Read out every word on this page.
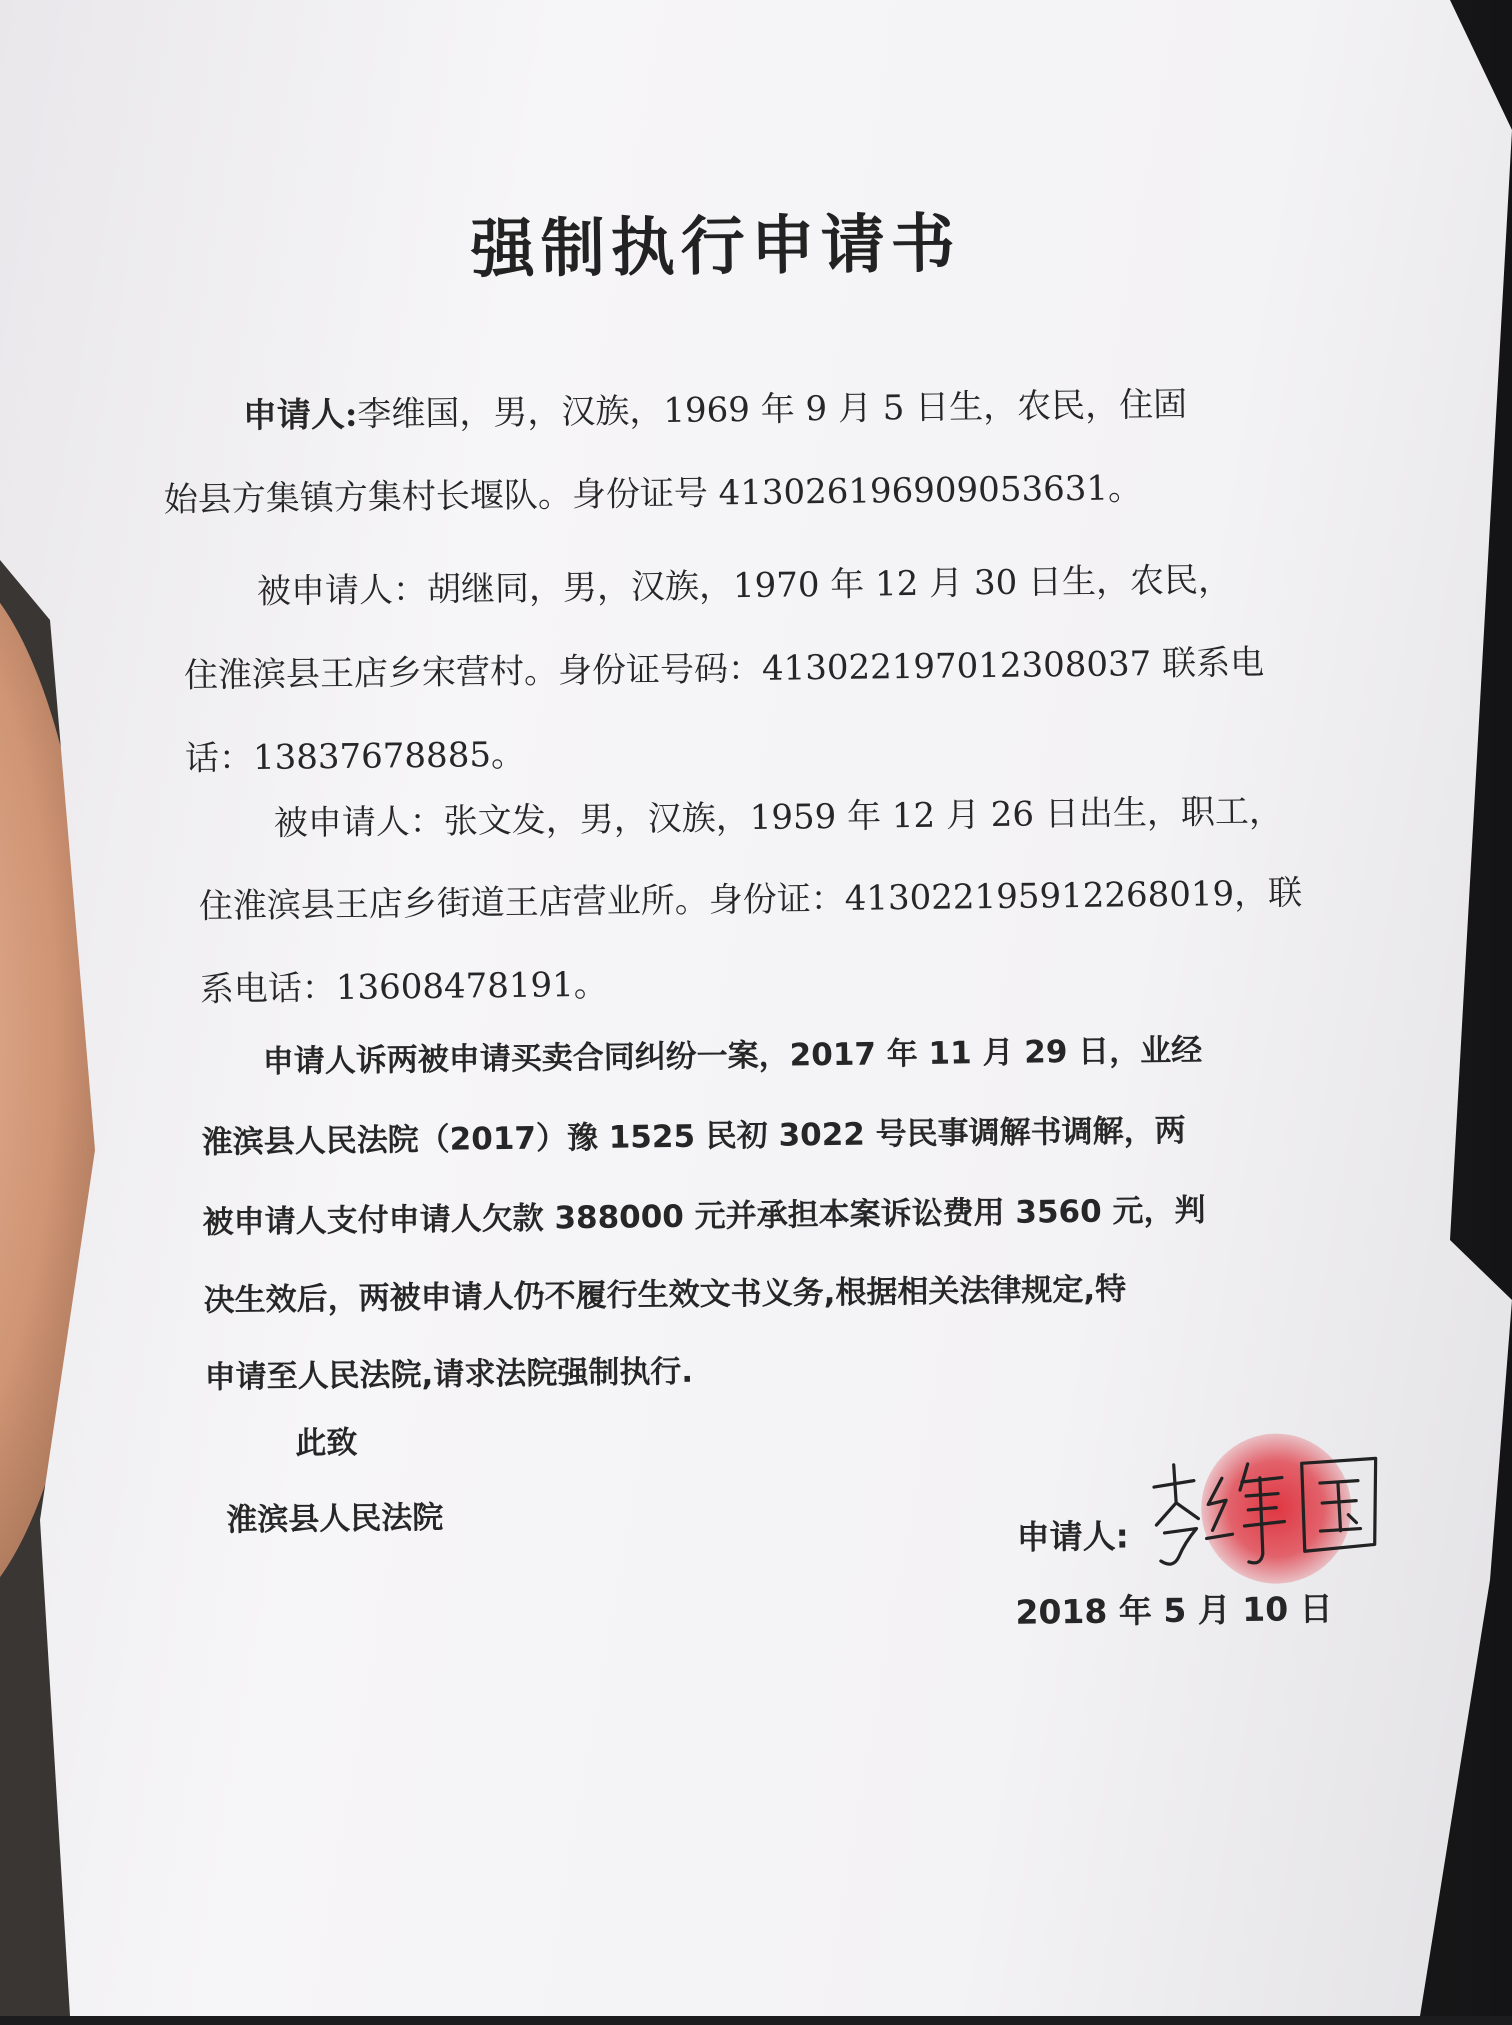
强制执行申请书
申请人:李维国，男，汉族，1969 年 9 月 5 日生，农民，住固
始县方集镇方集村长堰队。身份证号 413026196909053631。
被申请人：胡继同，男，汉族，1970 年 12 月 30 日生，农民，
住淮滨县王店乡宋营村。身份证号码：413022197012308037 联系电
话：13837678885。
被申请人：张文发，男，汉族，1959 年 12 月 26 日出生，职工，
住淮滨县王店乡街道王店营业所。身份证：413022195912268019，联
系电话：13608478191。
申请人诉两被申请买卖合同纠纷一案，2017 年 11 月 29 日，业经
淮滨县人民法院（2017）豫 1525 民初 3022 号民事调解书调解，两
被申请人支付申请人欠款 388000 元并承担本案诉讼费用 3560 元，判
决生效后，两被申请人仍不履行生效文书义务,根据相关法律规定,特
申请至人民法院,请求法院强制执行.
此致
淮滨县人民法院	申请人:
2018 年 5 月 10 日
